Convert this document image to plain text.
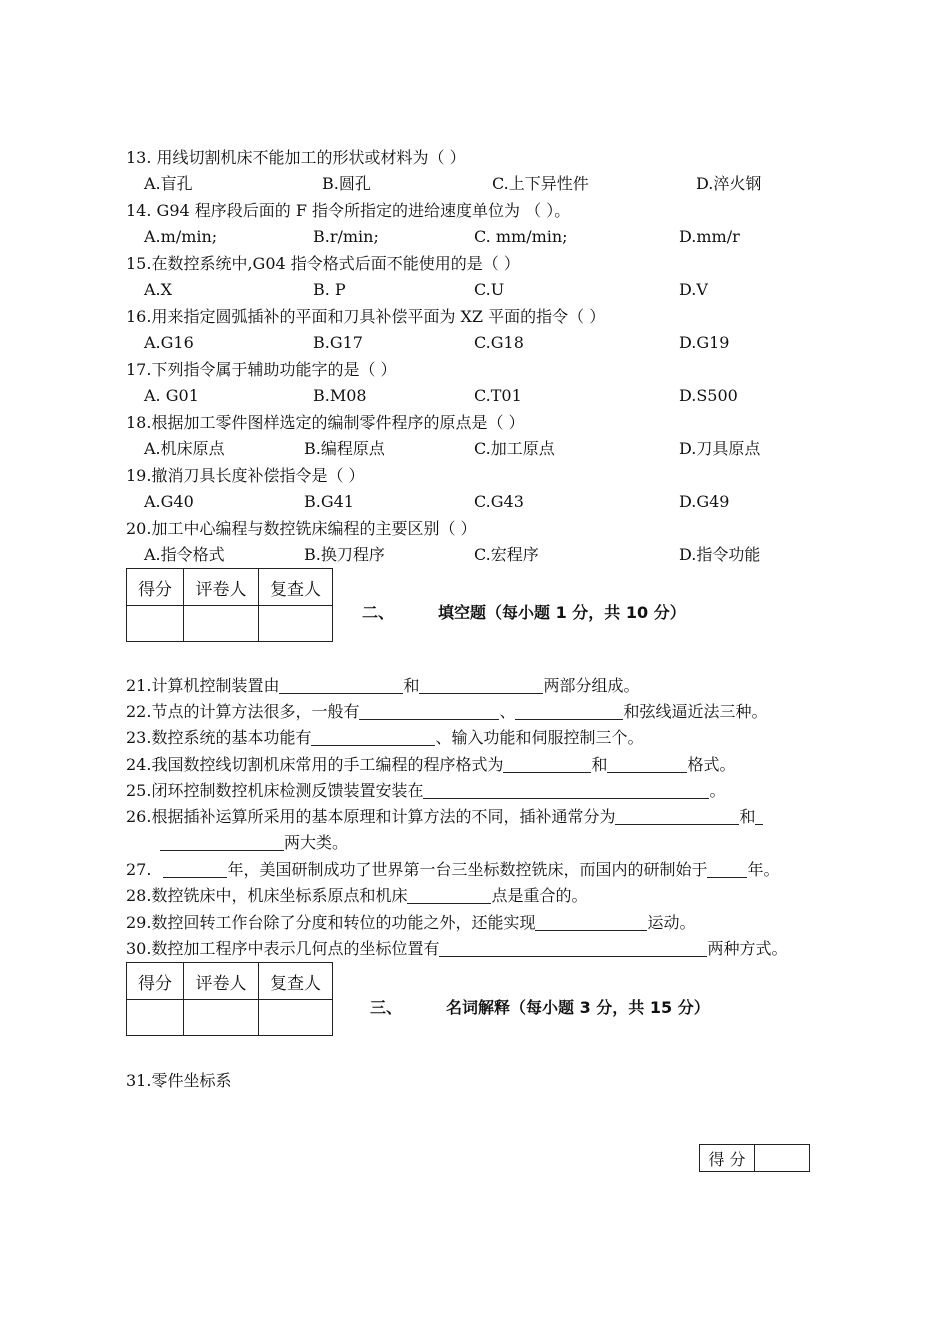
13. 用线切割机床不能加工的形状或材料为（ ）
A.盲孔	B.圆孔	C.上下异性件	D.淬火钢
14. G94 程序段后面的 F 指令所指定的进给速度单位为 （ ）。
A.m/min;	B.r/min;	C. mm/min;	D.mm/r
15.在数控系统中,G04 指令格式后面不能使用的是（ ）
A.X	B. P	C.U	D.V
16.用来指定圆弧插补的平面和刀具补偿平面为 XZ 平面的指令（ ）
A.G16	B.G17	C.G18	D.G19
17.下列指令属于辅助功能字的是（ ）
A. G01	B.M08	C.T01	D.S500
18.根据加工零件图样选定的编制零件程序的原点是（ ）
A.机床原点	B.编程原点	C.加工原点	D.刀具原点
19.撤消刀具长度补偿指令是（ ）
A.G40	B.G41	C.G43	D.G49
20.加工中心编程与数控铣床编程的主要区别（ ）
A.指令格式	B.换刀程序	C.宏程序	D.指令功能
得分	评卷人	复查人

二、	填空题（每小题 1 分，共 10 分）
21.计算机控制装置由	和	两部分组成。
22.节点的计算方法很多，一般有	、	和弦线逼近法三种。
23.数控系统的基本功能有	、输入功能和伺服控制三个。
24.我国数控线切割机床常用的手工编程的程序格式为	和	格式。
25.闭环控制数控机床检测反馈装置安装在	。
26.根据插补运算所采用的基本原理和计算方法的不同，插补通常分为	和
两大类。
27.	年，美国研制成功了世界第一台三坐标数控铣床，而国内的研制始于	年。
28.数控铣床中，机床坐标系原点和机床	点是重合的。
29.数控回转工作台除了分度和转位的功能之外，还能实现	运动。
30.数控加工程序中表示几何点的坐标位置有	两种方式。
得分	评卷人	复查人

三、	名词解释（每小题 3 分，共 15 分）
31.零件坐标系
得 分	
